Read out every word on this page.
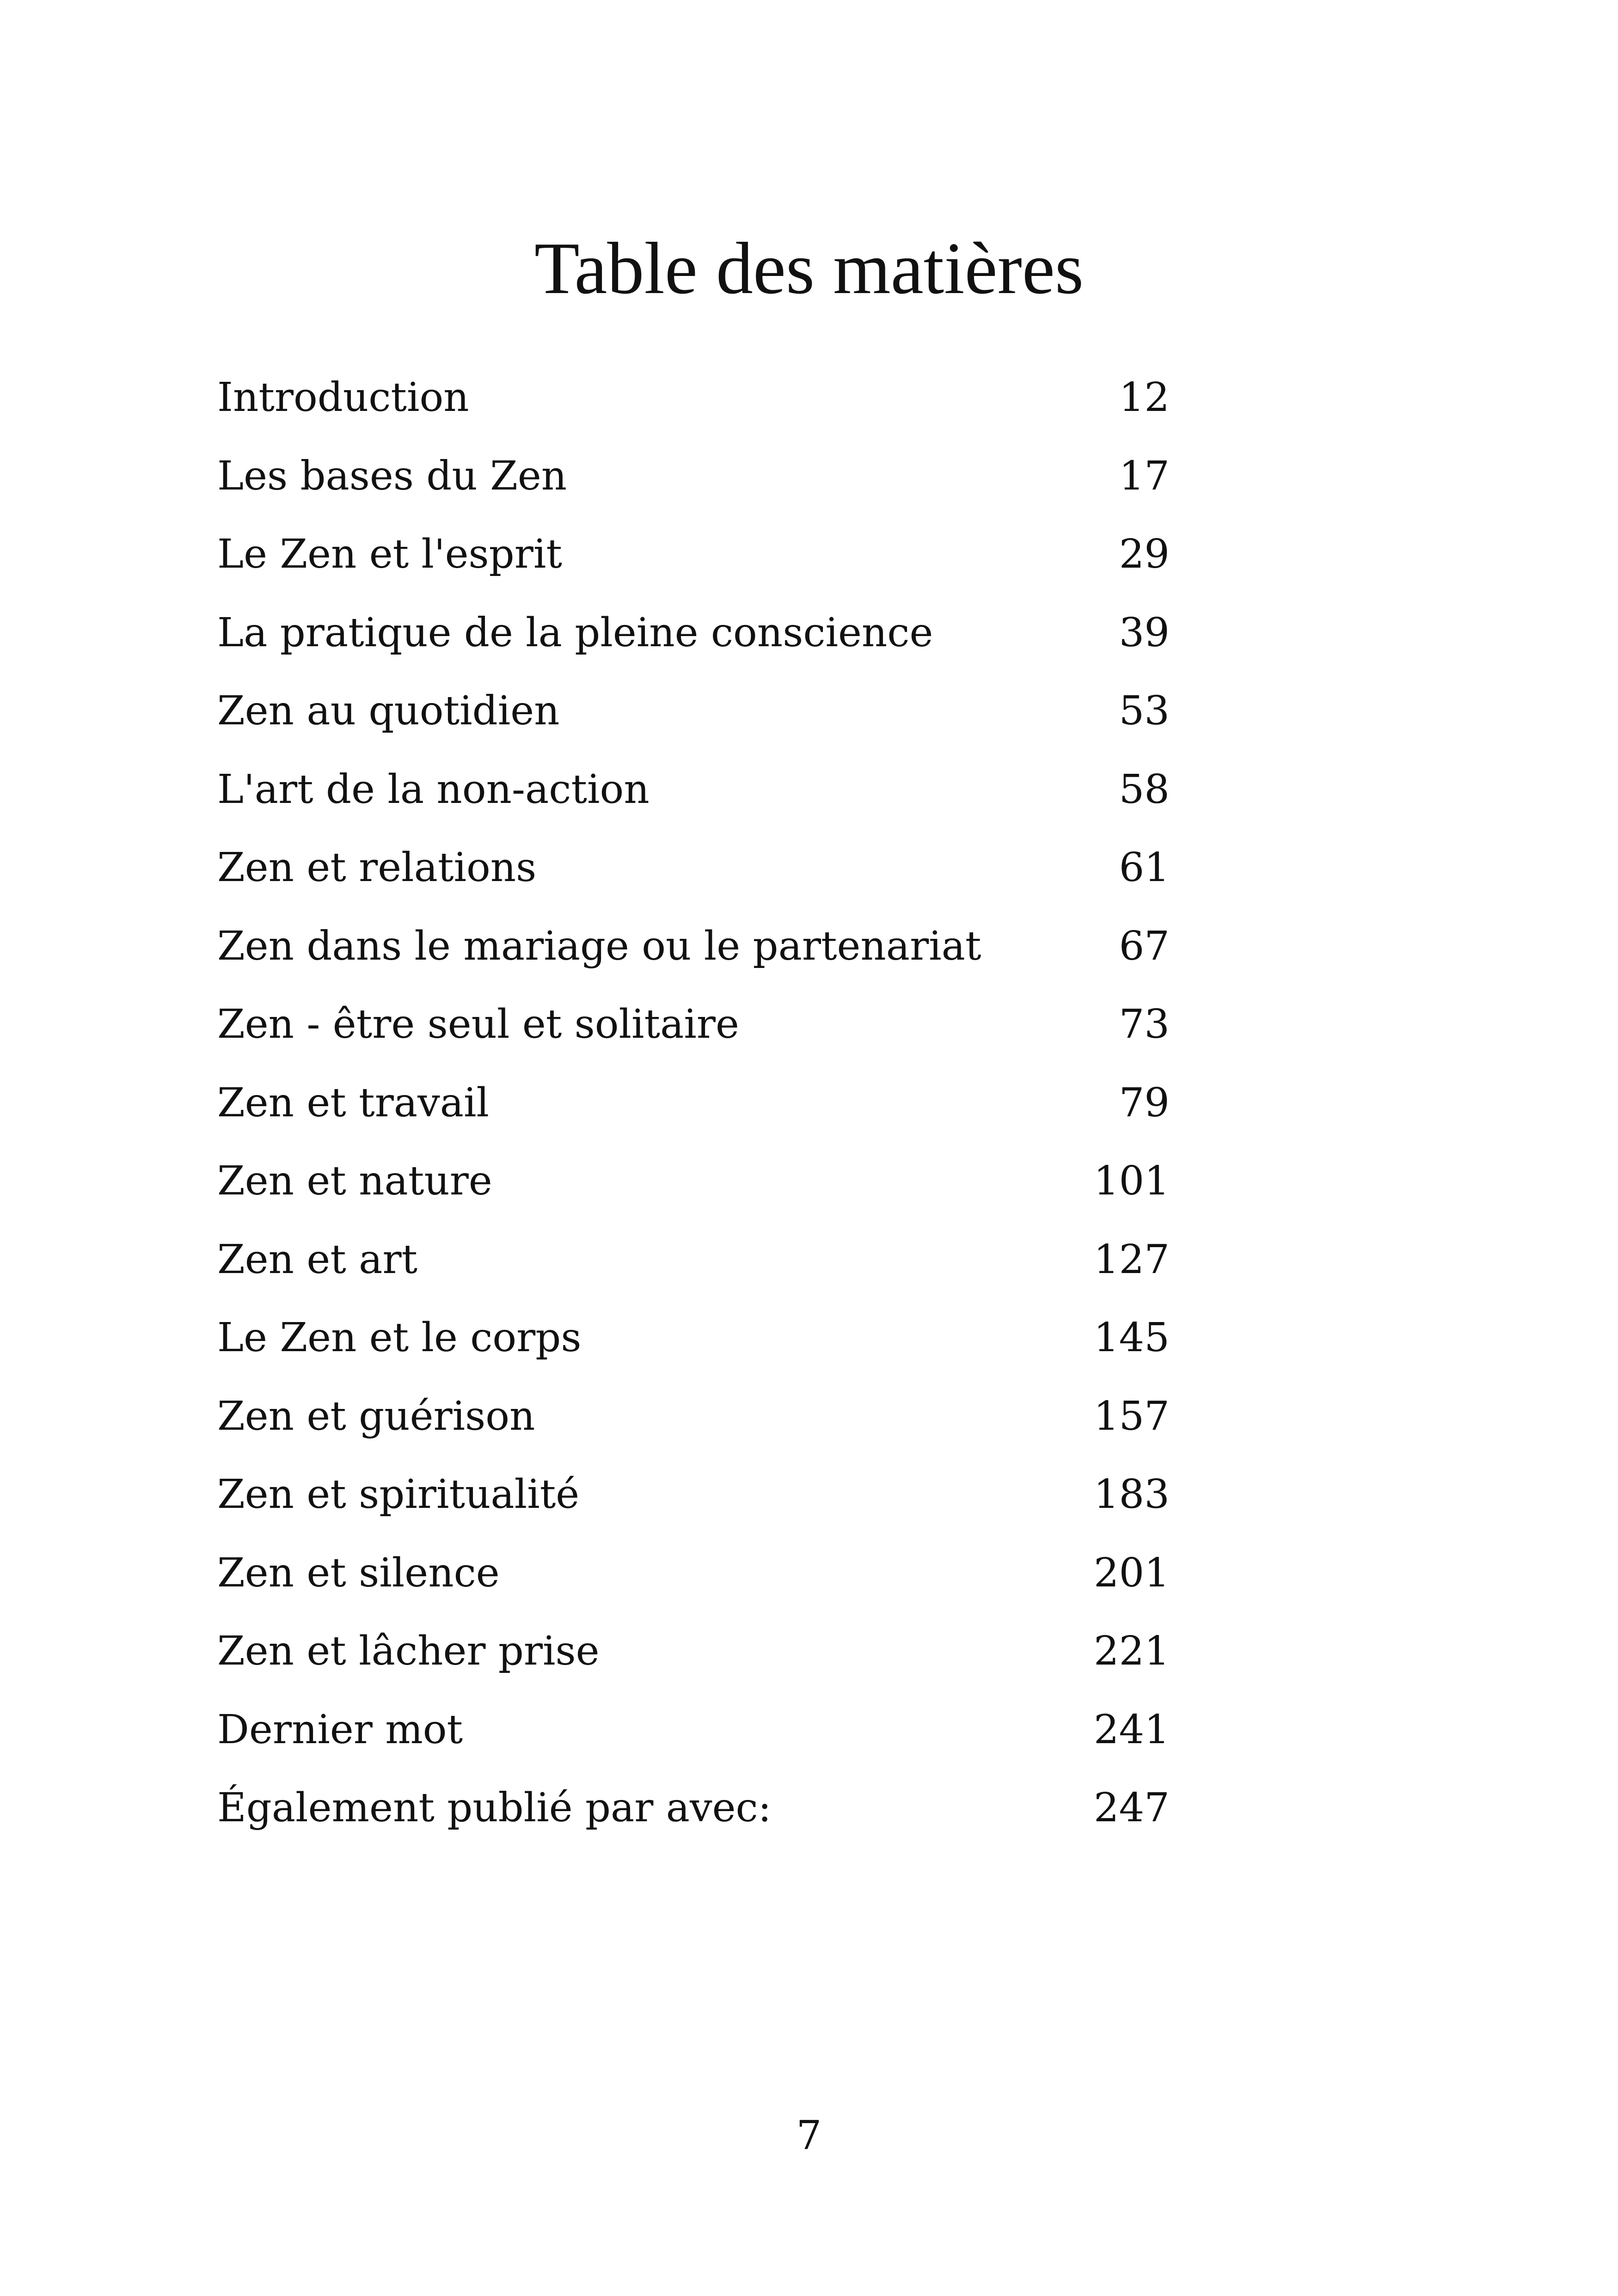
Table des matières
Introduction	12
Les bases du Zen	17
Le Zen et l'esprit	29
La pratique de la pleine conscience	39
Zen au quotidien	53
L'art de la non-action	58
Zen et relations	61
Zen dans le mariage ou le partenariat	67
Zen - être seul et solitaire	73
Zen et travail	79
Zen et nature	101
Zen et art	127
Le Zen et le corps	145
Zen et guérison	157
Zen et spiritualité	183
Zen et silence	201
Zen et lâcher prise	221
Dernier mot	241
Également publié par avec:	247
7
